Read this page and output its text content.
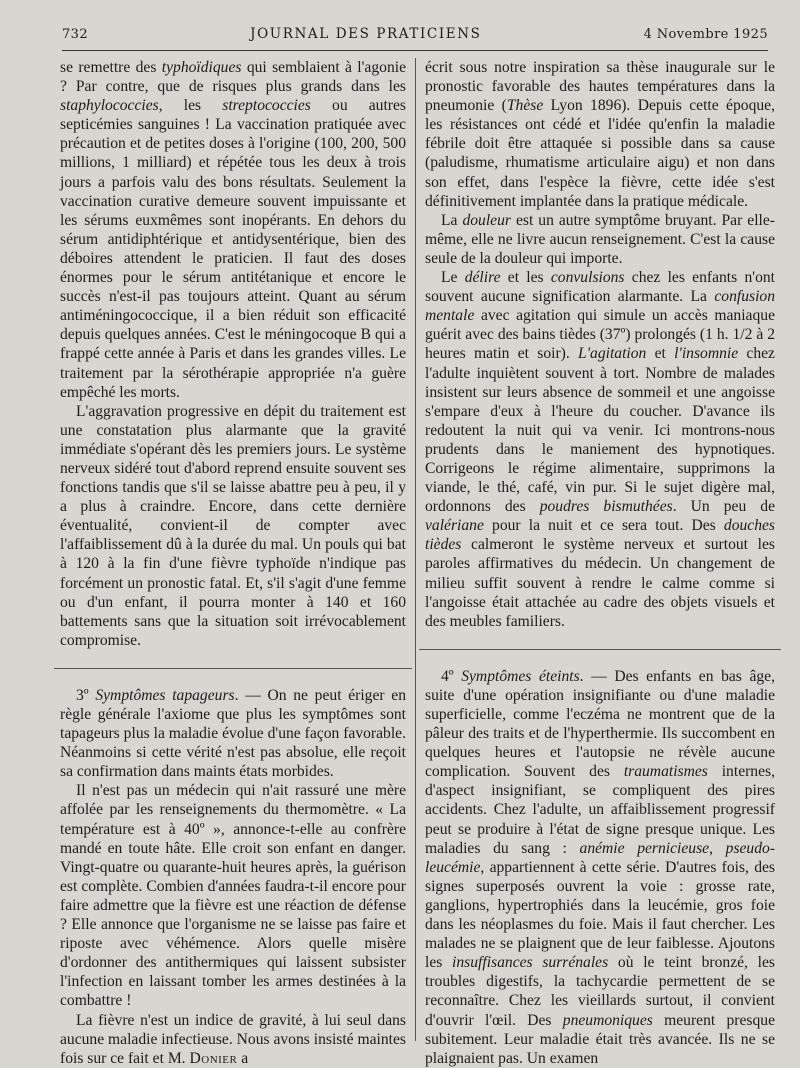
732	JOURNAL DES PRATICIENS	4 Novembre 1925

se remettre des typhoïdiques qui semblaient à l'agonie ? Par contre, que de risques plus grands dans les staphylococcies, les streptococcies ou autres septicémies sanguines ! La vaccination pratiquée avec précaution et de petites doses à l'origine (100, 200, 500 millions, 1 milliard) et répétée tous les deux à trois jours a parfois valu des bons résultats. Seulement la vaccination curative demeure souvent impuissante et les sérums euxmêmes sont inopérants. En dehors du sérum antidiphtérique et antidysentérique, bien des déboires attendent le praticien. Il faut des doses énormes pour le sérum antitétanique et encore le succès n'est-il pas toujours atteint. Quant au sérum antiméningococcique, il a bien réduit son efficacité depuis quelques années. C'est le méningocoque B qui a frappé cette année à Paris et dans les grandes villes. Le traitement par la sérothérapie appropriée n'a guère empêché les morts.

L'aggravation progressive en dépit du traitement est une constatation plus alarmante que la gravité immédiate s'opérant dès les premiers jours. Le système nerveux sidéré tout d'abord reprend ensuite souvent ses fonctions tandis que s'il se laisse abattre peu à peu, il y a plus à craindre. Encore, dans cette dernière éventualité, convient-il de compter avec l'affaiblissement dû à la durée du mal. Un pouls qui bat à 120 à la fin d'une fièvre typhoïde n'indique pas forcément un pronostic fatal. Et, s'il s'agit d'une femme ou d'un enfant, il pourra monter à 140 et 160 battements sans que la situation soit irrévocablement compromise.

3º Symptômes tapageurs. — On ne peut ériger en règle générale l'axiome que plus les symptômes sont tapageurs plus la maladie évolue d'une façon favorable. Néanmoins si cette vérité n'est pas absolue, elle reçoit sa confirmation dans maints états morbides.

Il n'est pas un médecin qui n'ait rassuré une mère affolée par les renseignements du thermomètre. « La température est à 40º », annonce-t-elle au confrère mandé en toute hâte. Elle croit son enfant en danger. Vingt-quatre ou quarante-huit heures après, la guérison est complète. Combien d'années faudra-t-il encore pour faire admettre que la fièvre est une réaction de défense ? Elle annonce que l'organisme ne se laisse pas faire et riposte avec véhémence. Alors quelle misère d'ordonner des antithermiques qui laissent subsister l'infection en laissant tomber les armes destinées à la combattre !

La fièvre n'est un indice de gravité, à lui seul dans aucune maladie infectieuse. Nous avons insisté maintes fois sur ce fait et M. Donier a

écrit sous notre inspiration sa thèse inaugurale sur le pronostic favorable des hautes températures dans la pneumonie (Thèse Lyon 1896). Depuis cette époque, les résistances ont cédé et l'idée qu'enfin la maladie fébrile doit être attaquée si possible dans sa cause (paludisme, rhumatisme articulaire aigu) et non dans son effet, dans l'espèce la fièvre, cette idée s'est définitivement implantée dans la pratique médicale.

La douleur est un autre symptôme bruyant. Par elle-même, elle ne livre aucun renseignement. C'est la cause seule de la douleur qui importe.

Le délire et les convulsions chez les enfants n'ont souvent aucune signification alarmante. La confusion mentale avec agitation qui simule un accès maniaque guérit avec des bains tièdes (37º) prolongés (1 h. 1/2 à 2 heures matin et soir). L'agitation et l'insomnie chez l'adulte inquiètent souvent à tort. Nombre de malades insistent sur leurs absence de sommeil et une angoisse s'empare d'eux à l'heure du coucher. D'avance ils redoutent la nuit qui va venir. Ici montrons-nous prudents dans le maniement des hypnotiques. Corrigeons le régime alimentaire, supprimons la viande, le thé, café, vin pur. Si le sujet digère mal, ordonnons des poudres bismuthées. Un peu de valériane pour la nuit et ce sera tout. Des douches tièdes calmeront le système nerveux et surtout les paroles affirmatives du médecin. Un changement de milieu suffit souvent à rendre le calme comme si l'angoisse était attachée au cadre des objets visuels et des meubles familiers.

4º Symptômes éteints. — Des enfants en bas âge, suite d'une opération insignifiante ou d'une maladie superficielle, comme l'eczéma ne montrent que de la pâleur des traits et de l'hyperthermie. Ils succombent en quelques heures et l'autopsie ne révèle aucune complication. Souvent des traumatismes internes, d'aspect insignifiant, se compliquent des pires accidents. Chez l'adulte, un affaiblissement progressif peut se produire à l'état de signe presque unique. Les maladies du sang : anémie pernicieuse, pseudo-leucémie, appartiennent à cette série. D'autres fois, des signes superposés ouvrent la voie : grosse rate, ganglions, hypertrophiés dans la leucémie, gros foie dans les néoplasmes du foie. Mais il faut chercher. Les malades ne se plaignent que de leur faiblesse. Ajoutons les insuffisances surrénales où le teint bronzé, les troubles digestifs, la tachycardie permettent de se reconnaître. Chez les vieillards surtout, il convient d'ouvrir l'œil. Des pneumoniques meurent presque subitement. Leur maladie était très avancée. Ils ne se plaignaient pas. Un examen
